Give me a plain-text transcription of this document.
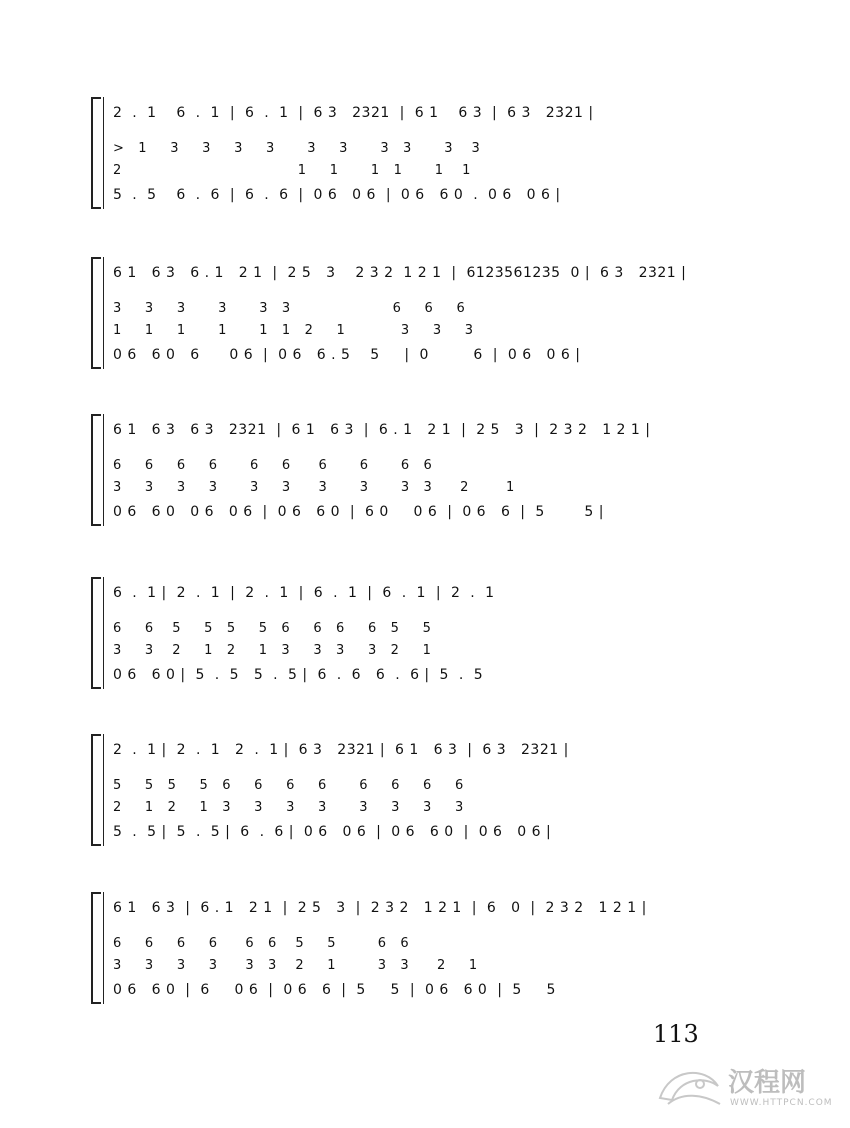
2  .  1    6  .  1  |  6  .  1  |  6 3   2321  |  6 1    6 3  |  6 3   2321 |
>   1     3     3     3     3       3     3       3   3       3    3
2                                      1     1       1   1       1    1
5  .  5    6  .  6  |  6  .  6  |  0 6   0 6  |  0 6   6 0  .  0 6   0 6 |
6 1   6 3   6 . 1   2 1  |  2 5   3    2 3 2  1 2 1  |  6123561235  0 |  6 3   2321 |
3     3     3       3       3   3                      6     6     6
1     1     1       1       1   1   2     1            3     3     3
0 6   6 0   6      0 6  |  0 6   6 . 5    5     |  0         6  |  0 6   0 6 |
6 1   6 3   6 3   2321  |  6 1   6 3  |  6 . 1   2 1  |  2 5   3  |  2 3 2   1 2 1 |
6     6     6     6       6     6      6       6       6   6
3     3     3     3       3     3      3       3       3   3      2        1
0 6   6 0   0 6   0 6  |  0 6   6 0  |  6 0     0 6  |  0 6   6  |  5        5 |
6  .  1 |  2  .  1  |  2  .  1  |  6  .  1  |  6  .  1  |  2  .  1
6     6    5     5   5     5   6     6   6     6   5     5
3     3    2     1   2     1   3     3   3     3   2     1
0 6   6 0 |  5  .  5   5  .  5 |  6  .  6   6  .  6 |  5  .  5
2  .  1 |  2  .  1   2  .  1 |  6 3   2321 |  6 1   6 3  |  6 3   2321 |
5     5   5     5   6     6     6     6       6     6     6     6
2     1   2     1   3     3     3     3       3     3     3     3
5  .  5 |  5  .  5 |  6  .  6 |  0 6   0 6  |  0 6   6 0  |  0 6   0 6 |
6 1   6 3  |  6 . 1   2 1  |  2 5   3  |  2 3 2   1 2 1  |  6   0  |  2 3 2   1 2 1 |
6     6     6     6      6   6    5     5         6   6
3     3     3     3      3   3    2     1         3   3      2     1
0 6   6 0  |  6     0 6  |  0 6   6  |  5     5  |  0 6   6 0  |  5     5
113
汉程网
WWW.HTTPCN.COM
